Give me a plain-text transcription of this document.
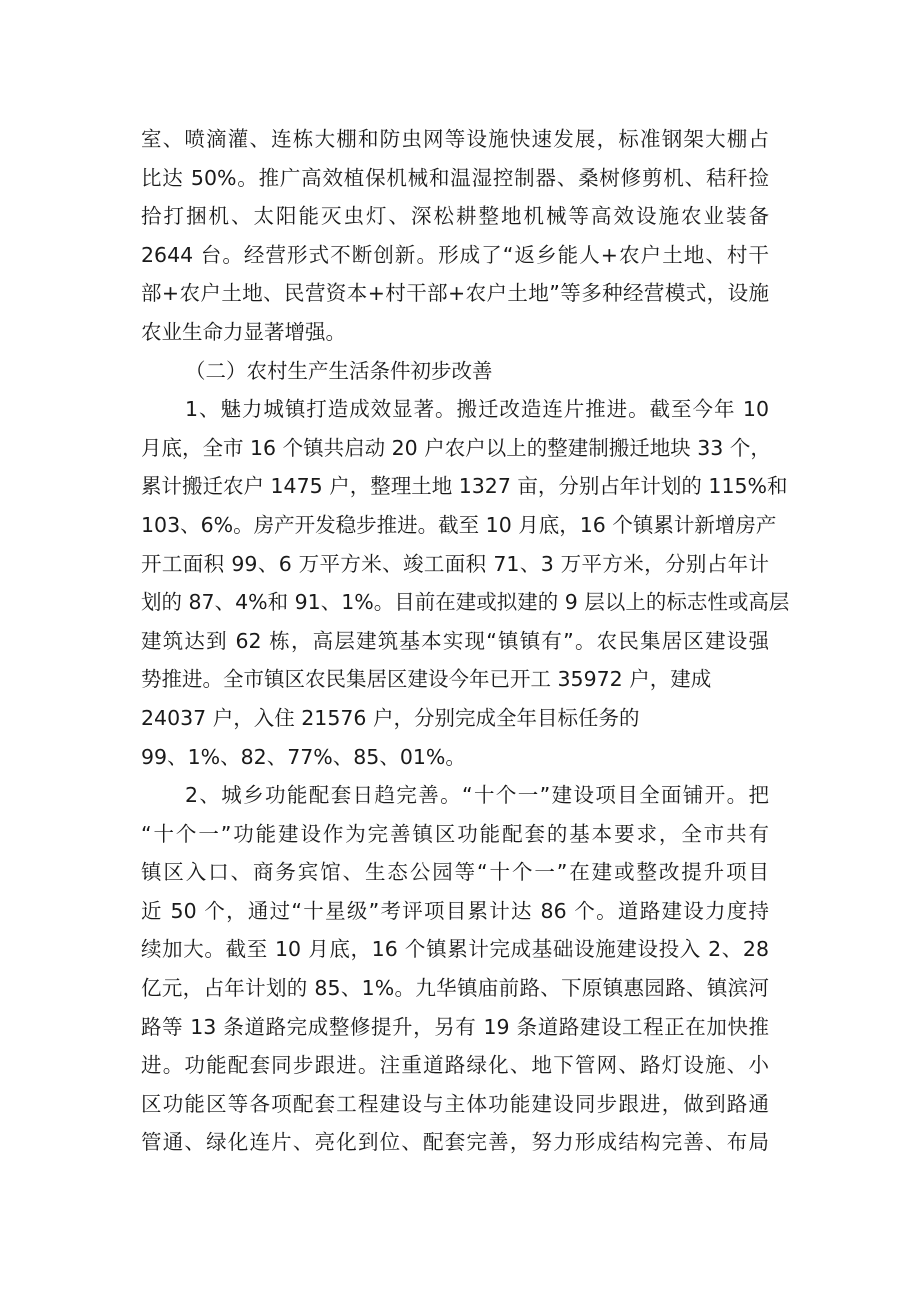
室、喷滴灌、连栋大棚和防虫网等设施快速发展，标准钢架大棚占
比达 50%。推广高效植保机械和温湿控制器、桑树修剪机、秸秆捡
拾打捆机、太阳能灭虫灯、深松耕整地机械等高效设施农业装备
2644 台。经营形式不断创新。形成了“返乡能人+农户土地、村干
部+农户土地、民营资本+村干部+农户土地”等多种经营模式，设施
农业生命力显著增强。
（二）农村生产生活条件初步改善
1、魅力城镇打造成效显著。搬迁改造连片推进。截至今年 10
月底，全市 16 个镇共启动 20 户农户以上的整建制搬迁地块 33 个，
累计搬迁农户 1475 户，整理土地 1327 亩，分别占年计划的 115%和
103、6%。房产开发稳步推进。截至 10 月底，16 个镇累计新增房产
开工面积 99、6 万平方米、竣工面积 71、3 万平方米，分别占年计
划的 87、4%和 91、1%。目前在建或拟建的 9 层以上的标志性或高层
建筑达到 62 栋，高层建筑基本实现“镇镇有”。农民集居区建设强
势推进。全市镇区农民集居区建设今年已开工 35972 户，建成
24037 户，入住 21576 户，分别完成全年目标任务的
99、1%、82、77%、85、01%。
2、城乡功能配套日趋完善。“十个一”建设项目全面铺开。把
“十个一”功能建设作为完善镇区功能配套的基本要求，全市共有
镇区入口、商务宾馆、生态公园等“十个一”在建或整改提升项目
近 50 个，通过“十星级”考评项目累计达 86 个。道路建设力度持
续加大。截至 10 月底，16 个镇累计完成基础设施建设投入 2、28
亿元，占年计划的 85、1%。九华镇庙前路、下原镇惠园路、镇滨河
路等 13 条道路完成整修提升，另有 19 条道路建设工程正在加快推
进。功能配套同步跟进。注重道路绿化、地下管网、路灯设施、小
区功能区等各项配套工程建设与主体功能建设同步跟进，做到路通
管通、绿化连片、亮化到位、配套完善，努力形成结构完善、布局
